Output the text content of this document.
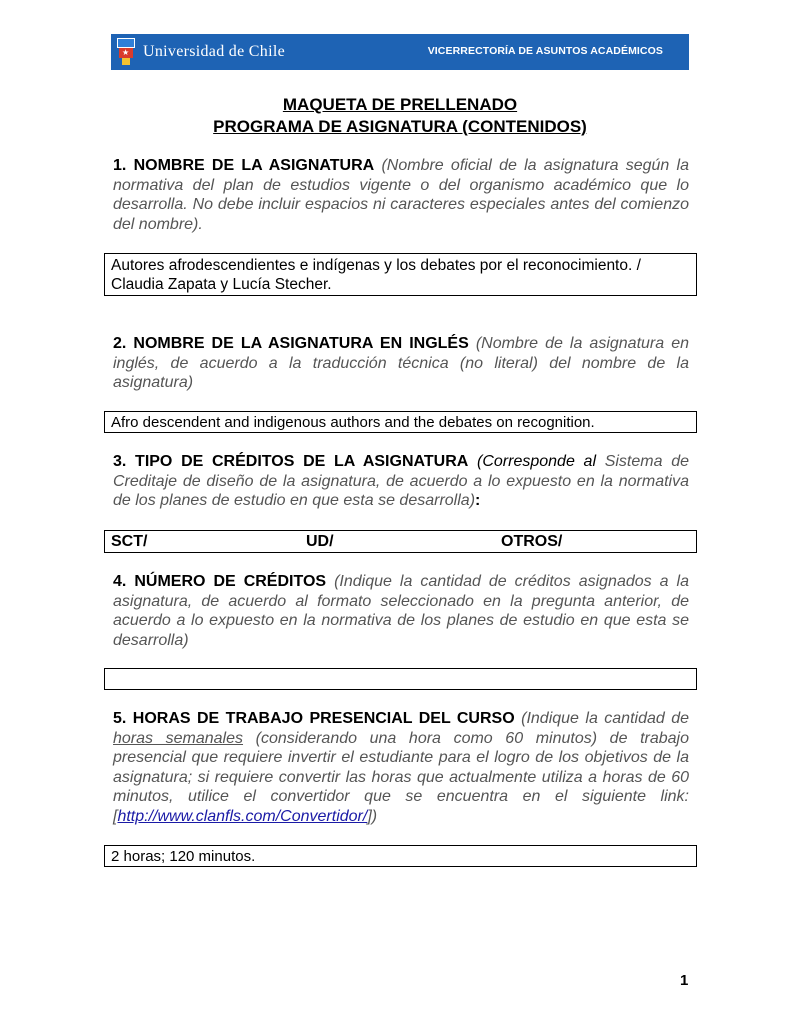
★ Universidad de Chile	VICERRECTORÍA DE ASUNTOS ACADÉMICOS
MAQUETA DE PRELLENADO
PROGRAMA DE ASIGNATURA (CONTENIDOS)
1. NOMBRE DE LA ASIGNATURA (Nombre oficial de la asignatura según la normativa del plan de estudios vigente o del organismo académico que lo desarrolla. No debe incluir espacios ni caracteres especiales antes del comienzo del nombre).
Autores afrodescendientes e indígenas y los debates por el reconocimiento. / Claudia Zapata y Lucía Stecher.
2. NOMBRE DE LA ASIGNATURA EN INGLÉS (Nombre de la asignatura en inglés, de acuerdo a la traducción técnica (no literal) del nombre de la asignatura)
Afro descendent and indigenous authors and the debates on recognition.
3. TIPO DE CRÉDITOS DE LA ASIGNATURA (Corresponde al Sistema de Creditaje de diseño de la asignatura, de acuerdo a lo expuesto en la normativa de los planes de estudio en que esta se desarrolla):
SCT/	UD/	OTROS/
4. NÚMERO DE CRÉDITOS (Indique la cantidad de créditos asignados a la asignatura, de acuerdo al formato seleccionado en la pregunta anterior, de acuerdo a lo expuesto en la normativa de los planes de estudio en que esta se desarrolla)
5. HORAS DE TRABAJO PRESENCIAL DEL CURSO (Indique la cantidad de horas semanales (considerando una hora como 60 minutos) de trabajo presencial que requiere invertir el estudiante para el logro de los objetivos de la asignatura; si requiere convertir las horas que actualmente utiliza a horas de 60 minutos, utilice el convertidor que se encuentra en el siguiente link: [http://www.clanfls.com/Convertidor/])
2 horas; 120 minutos.
1
